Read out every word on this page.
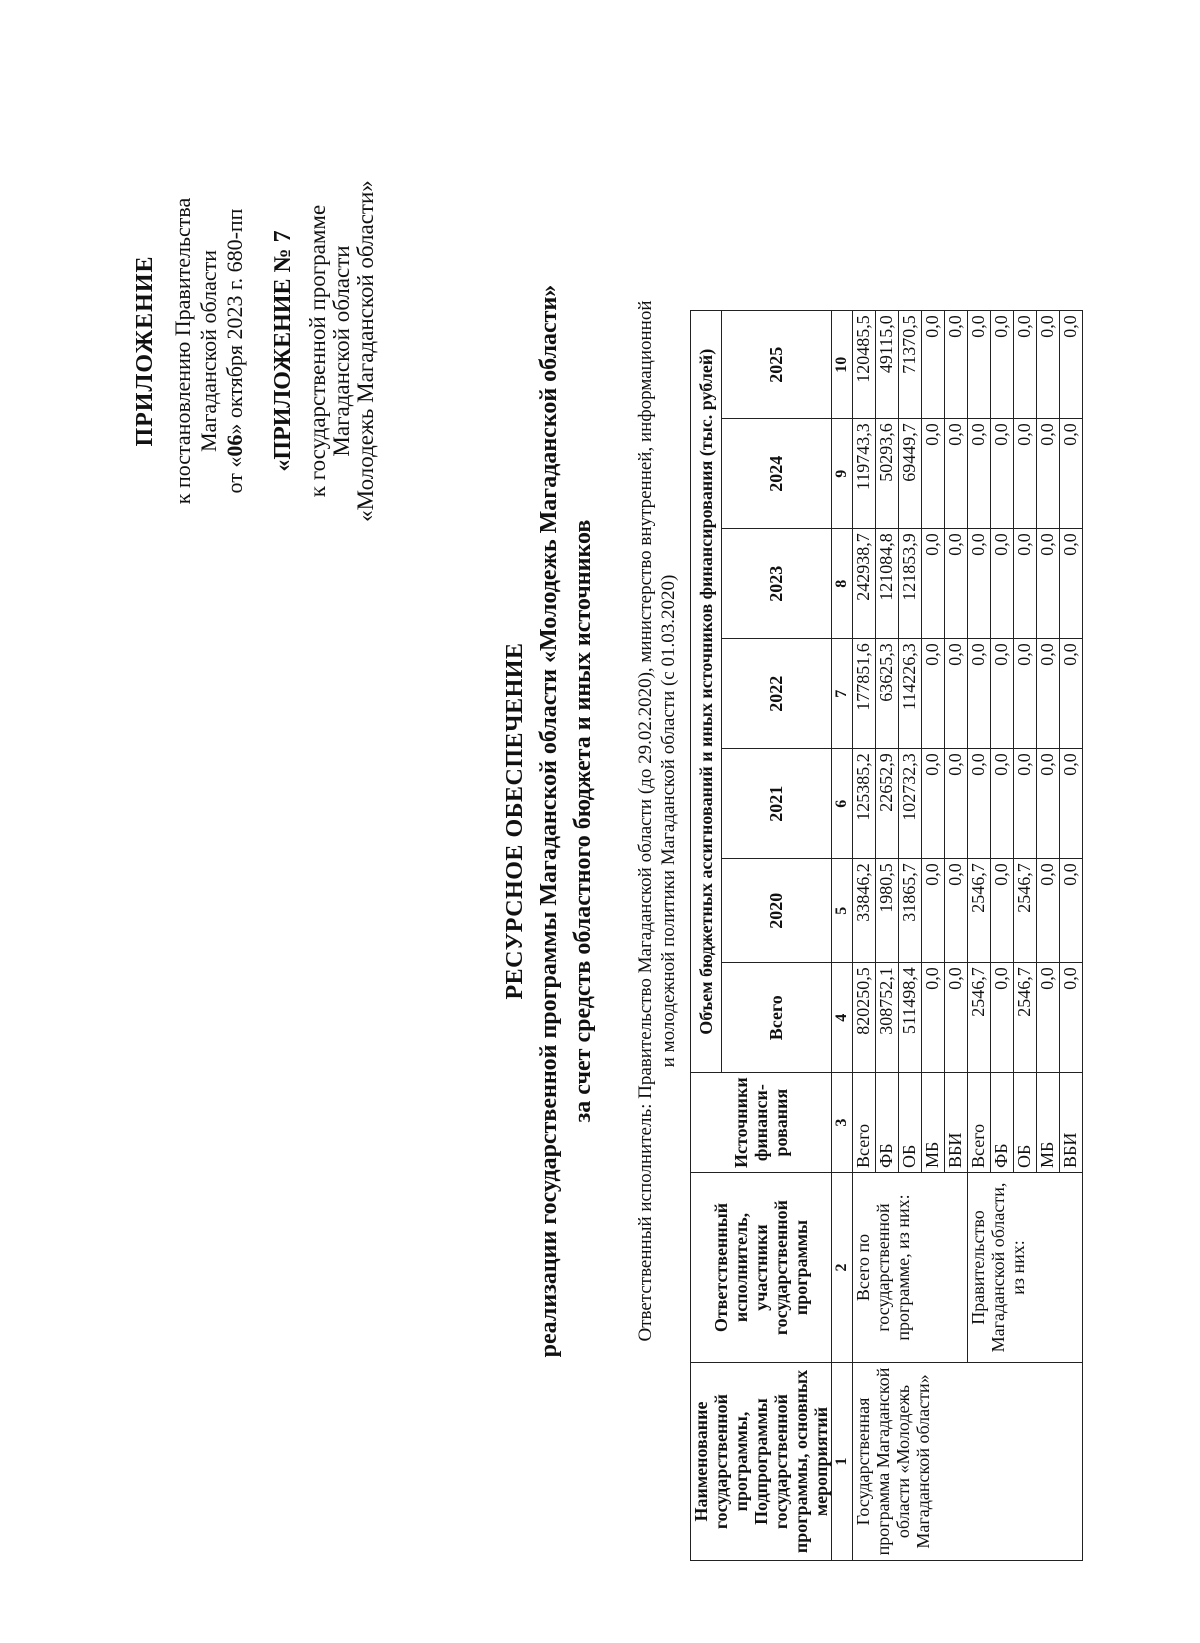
ПРИЛОЖЕНИЕ к постановлению Правительства Магаданской области
от «06» октября 2023 г. 680-пп «ПРИЛОЖЕНИЕ № 7 к государственной программе Магаданской области «Молодежь Магаданской области»
РЕСУРСНОЕ ОБЕСПЕЧЕНИЕ реализации государственной программы Магаданской области «Молодежь Магаданской области» за счет средств областного бюджета и иных источников Ответственный исполнитель: Правительство Магаданской области (до 29.02.2020), министерство внутренней, информационной и молодежной политики Магаданской области (с 01.03.2020)
Наименование государственной программы, Подпрограммы государственной программы, основных мероприятий	Ответственный исполнитель, участники государственной программы	Источники финанси-рования	Объем бюджетных ассигнований и иных источников финансирования (тыс. рублей)						
			Всего	2020	2021	2022	2023	2024	2025
1	2	3	4	5	6	7	8	9	10
Государственная программа Магаданской области «Молодежь Магаданской области»	Всего по государственной программе, из них:	Всего	820250,5	33846,2	125385,2	177851,6	242938,7	119743,3	120485,5
		ФБ	308752,1	1980,5	22652,9	63625,3	121084,8	50293,6	49115,0
		ОБ	511498,4	31865,7	102732,3	114226,3	121853,9	69449,7	71370,5
		МБ	0,0	0,0	0,0	0,0	0,0	0,0	0,0
		ВБИ	0,0	0,0	0,0	0,0	0,0	0,0	0,0
	Правительство Магаданской области, из них:	Всего	2546,7	2546,7	0,0	0,0	0,0	0,0	0,0
		ФБ	0,0	0,0	0,0	0,0	0,0	0,0	0,0
		ОБ	2546,7	2546,7	0,0	0,0	0,0	0,0	0,0
		МБ	0,0	0,0	0,0	0,0	0,0	0,0	0,0
		ВБИ	0,0	0,0	0,0	0,0	0,0	0,0	0,0
